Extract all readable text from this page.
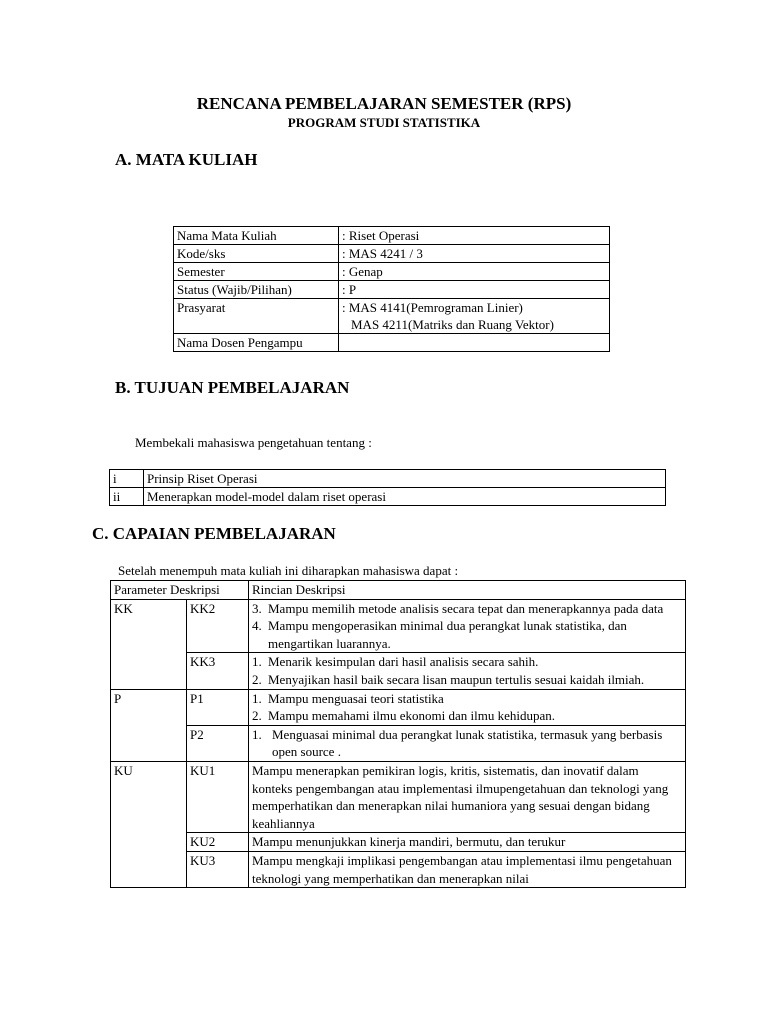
RENCANA PEMBELAJARAN SEMESTER (RPS)
PROGRAM STUDI STATISTIKA
A. MATA KULIAH
Nama Mata Kuliah	: Riset Operasi
Kode/sks	: MAS 4241 / 3
Semester	: Genap
Status (Wajib/Pilihan)	: P
Prasyarat	: MAS 4141(Pemrograman Linier)
MAS 4211(Matriks dan Ruang Vektor)

Nama Dosen Pengampu	
B. TUJUAN PEMBELAJARAN
Membekali mahasiswa pengetahuan tentang :
i	Prinsip Riset Operasi
ii	Menerapkan model-model dalam riset operasi
C. CAPAIAN PEMBELAJARAN
Setelah menempuh mata kuliah ini diharapkan mahasiswa dapat :
Parameter Deskripsi		Rincian Deskripsi
KK	KK2	3. Mampu memilih metode analisis secara tepat dan menerapkannya pada data
4. Mampu mengoperasikan minimal dua perangkat lunak statistika, dan mengartikan luarannya.

	KK3	1. Menarik kesimpulan dari hasil analisis secara sahih.
2. Menyajikan hasil baik secara lisan maupun tertulis sesuai kaidah ilmiah.

P	P1	1. Mampu menguasai teori statistika
2. Mampu memahami ilmu ekonomi dan ilmu kehidupan.

	P2	1. Menguasai minimal dua perangkat lunak statistika, termasuk yang berbasis open source .

KU	KU1	Mampu menerapkan pemikiran logis, kritis, sistematis, dan inovatif dalam konteks pengembangan atau implementasi ilmupengetahuan dan teknologi yang memperhatikan dan menerapkan nilai humaniora yang sesuai dengan bidang keahliannya
	KU2	Mampu menunjukkan kinerja mandiri, bermutu, dan terukur
	KU3	Mampu mengkaji implikasi pengembangan atau implementasi ilmu pengetahuan teknologi yang memperhatikan dan menerapkan nilai
